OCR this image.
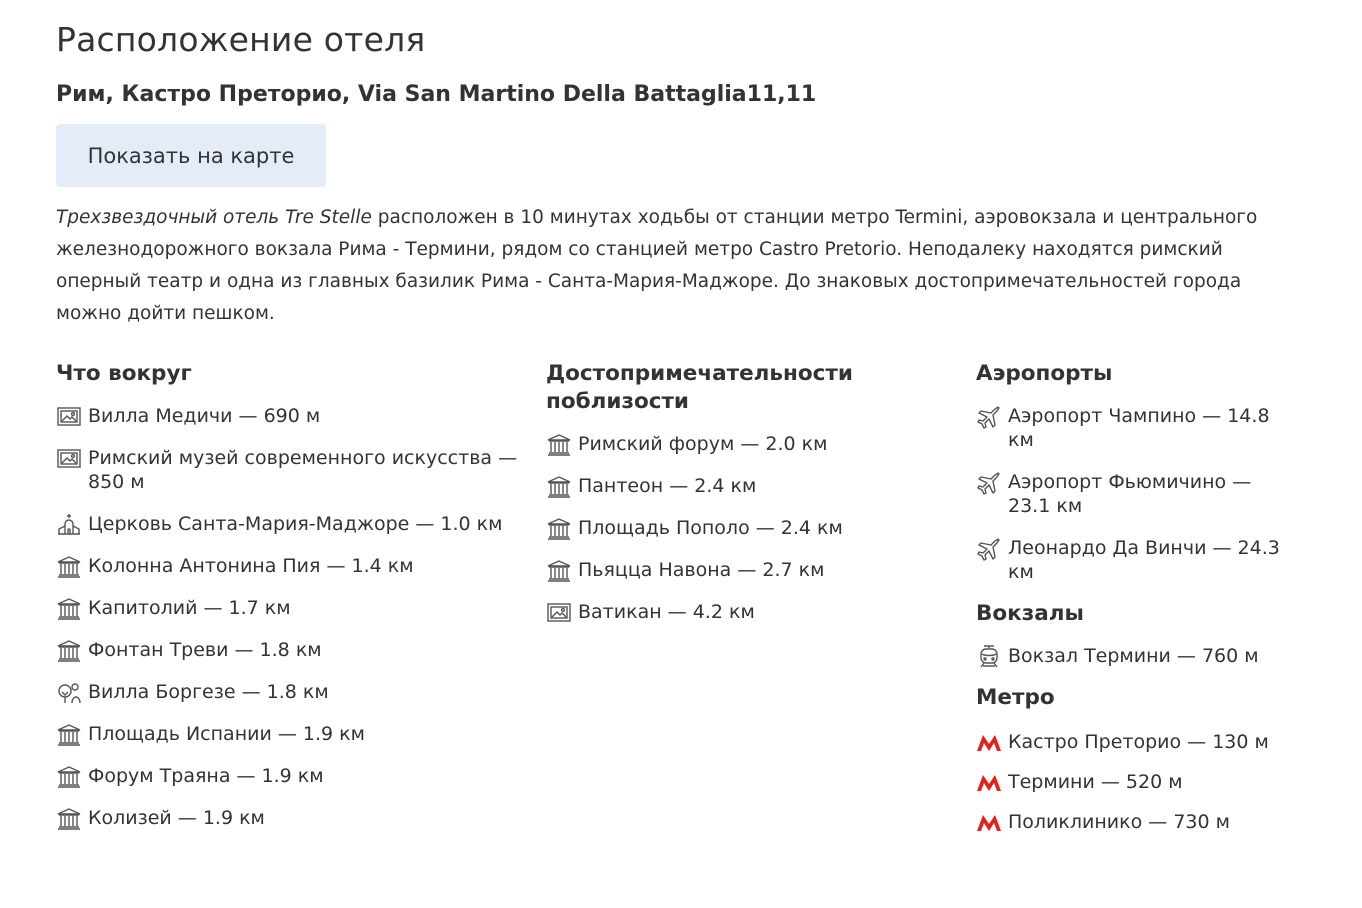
Расположение отеля

Рим, Кастро Преторио, Via San Martino Della Battaglia11,11

Показать на карте

Трехзвездочный отель Tre Stelle расположен в 10 минутах ходьбы от станции метро Termini, аэровокзала и центрального железнодорожного вокзала Рима - Термини, рядом со станцией метро Castro Pretorio. Неподалеку находятся римский оперный театр и одна из главных базилик Рима - Санта-Мария-Маджоре. До знаковых достопримечательностей города можно дойти пешком.

Что вокруг
Вилла Медичи — 690 м
Римский музей современного искусства — 850 м
Церковь Санта-Мария-Маджоре — 1.0 км
Колонна Антонина Пия — 1.4 км
Капитолий — 1.7 км
Фонтан Треви — 1.8 км
Вилла Боргезе — 1.8 км
Площадь Испании — 1.9 км
Форум Траяна — 1.9 км
Колизей — 1.9 км
Достопримечательности поблизости
Римский форум — 2.0 км
Пантеон — 2.4 км
Площадь Пополо — 2.4 км
Пьяцца Навона — 2.7 км
Ватикан — 4.2 км
Аэропорты
Аэропорт Чампино — 14.8 км
Аэропорт Фьюмичино — 23.1 км
Леонардо Да Винчи — 24.3 км
Вокзалы
Вокзал Термини — 760 м
Метро
Кастро Преторио — 130 м
Термини — 520 м
Поликлинико — 730 м
